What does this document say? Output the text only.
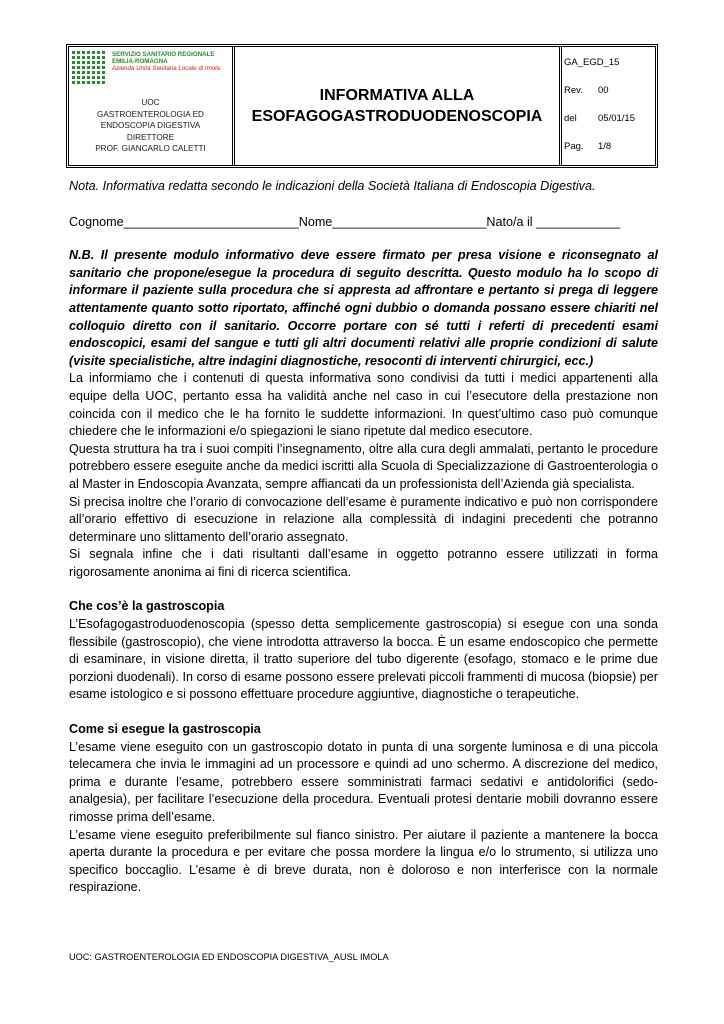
SERVIZIO SANITARIO REGIONALE
EMILIA-ROMAGNA
Azienda Unità Sanitaria Locale di Imola
UOC
GASTROENTEROLOGIA ED
ENDOSCOPIA DIGESTIVA
DIRETTORE
PROF. GIANCARLO CALETTI
INFORMATIVA ALLA
ESOFAGOGASTRODUODENOSCOPIA
GA_EGD_15
Rev.	00
del	05/01/15
Pag.	1/8

Nota. Informativa redatta secondo le indicazioni della Società Italiana di Endoscopia Digestiva.

Cognome_________________________ Nome______________________ Nato/a il ____________

N.B. Il presente modulo informativo deve essere firmato per presa visione e riconsegnato al sanitario che propone/esegue la procedura di seguito descritta. Questo modulo ha lo scopo di informare il paziente sulla procedura che si appresta ad affrontare e pertanto si prega di leggere attentamente quanto sotto riportato, affinché ogni dubbio o domanda possano essere chiariti nel colloquio diretto con il sanitario. Occorre portare con sé tutti i referti di precedenti esami endoscopici, esami del sangue e tutti gli altri documenti relativi alle proprie condizioni di salute (visite specialistiche, altre indagini diagnostiche, resoconti di interventi chirurgici, ecc.)

La informiamo che i contenuti di questa informativa sono condivisi da tutti i medici appartenenti alla equipe della UOC, pertanto essa ha validità anche nel caso in cui l’esecutore della prestazione non coincida con il medico che le ha fornito le suddette informazioni. In quest’ultimo caso può comunque chiedere che le informazioni e/o spiegazioni le siano ripetute dal medico esecutore.

Questa struttura ha tra i suoi compiti l’insegnamento, oltre alla cura degli ammalati, pertanto le procedure potrebbero essere eseguite anche da medici iscritti alla Scuola di Specializzazione di Gastroenterologia o al Master in Endoscopia Avanzata, sempre affiancati da un professionista dell’Azienda già specialista.

Si precisa inoltre che l’orario di convocazione dell’esame è puramente indicativo e può non corrispondere all’orario effettivo di esecuzione in relazione alla complessità di indagini precedenti che potranno determinare uno slittamento dell’orario assegnato.

Si segnala infine che i dati risultanti dall’esame in oggetto potranno essere utilizzati in forma rigorosamente anonima ai fini di ricerca scientifica.

Che cos’è la gastroscopia

L’Esofagogastroduodenoscopia (spesso detta semplicemente gastroscopia) si esegue con una sonda flessibile (gastroscopio), che viene introdotta attraverso la bocca. È un esame endoscopico che permette di esaminare, in visione diretta, il tratto superiore del tubo digerente (esofago, stomaco e le prime due porzioni duodenali). In corso di esame possono essere prelevati piccoli frammenti di mucosa (biopsie) per esame istologico e si possono effettuare procedure aggiuntive, diagnostiche o terapeutiche.

Come si esegue la gastroscopia

L’esame viene eseguito con un gastroscopio dotato in punta di una sorgente luminosa e di una piccola telecamera che invia le immagini ad un processore e quindi ad uno schermo. A discrezione del medico, prima e durante l’esame, potrebbero essere somministrati farmaci sedativi e antidolorifici (sedo-analgesia), per facilitare l’esecuzione della procedura. Eventuali protesi dentarie mobili dovranno essere rimosse prima dell’esame.

L’esame viene eseguito preferibilmente sul fianco sinistro. Per aiutare il paziente a mantenere la bocca aperta durante la procedura e per evitare che possa mordere la lingua e/o lo strumento, si utilizza uno specifico boccaglio. L’esame è di breve durata, non è doloroso e non interferisce con la normale respirazione.

UOC: GASTROENTEROLOGIA ED ENDOSCOPIA DIGESTIVA_AUSL IMOLA
